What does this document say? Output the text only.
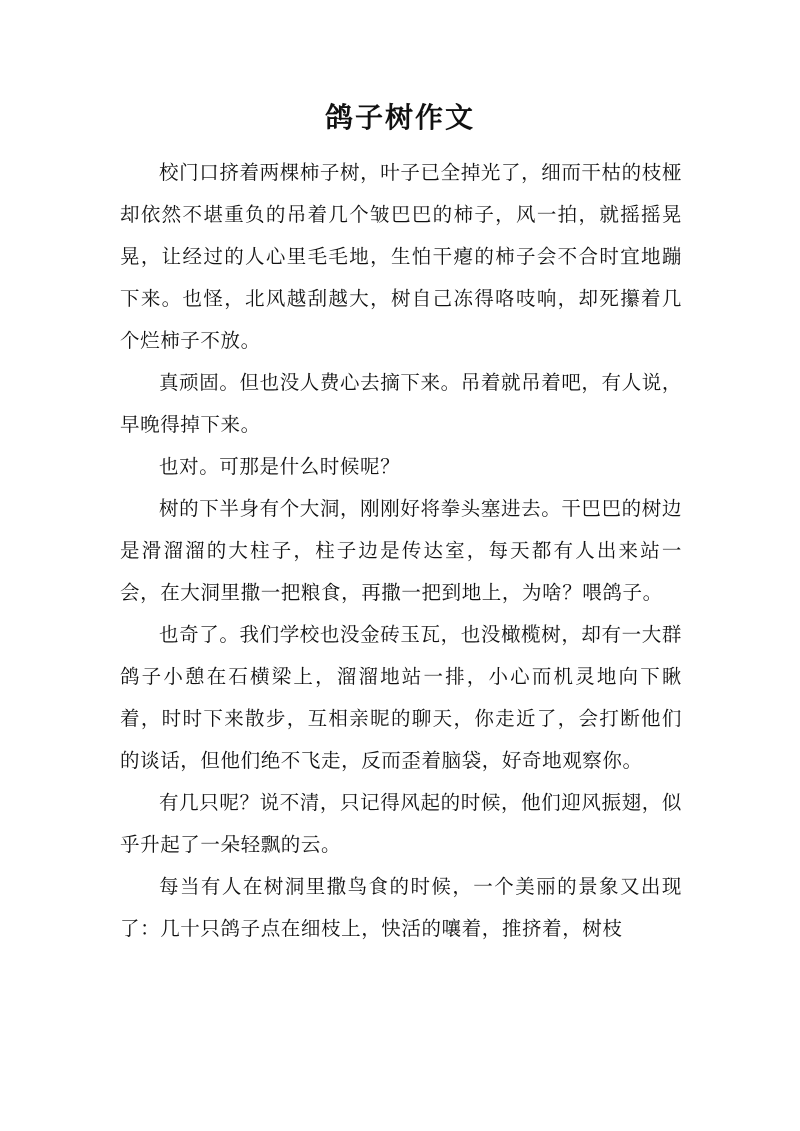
鸽子树作文

校门口挤着两棵柿子树，叶子已全掉光了，细而干枯的枝桠却依然不堪重负的吊着几个皱巴巴的柿子，风一拍，就摇摇晃晃，让经过的人心里毛毛地，生怕干瘪的柿子会不合时宜地蹦下来。也怪，北风越刮越大，树自己冻得咯吱响，却死攥着几个烂柿子不放。

真顽固。但也没人费心去摘下来。吊着就吊着吧，有人说，早晚得掉下来。

也对。可那是什么时候呢？

树的下半身有个大洞，刚刚好将拳头塞进去。干巴巴的树边是滑溜溜的大柱子，柱子边是传达室，每天都有人出来站一会，在大洞里撒一把粮食，再撒一把到地上，为啥？喂鸽子。

也奇了。我们学校也没金砖玉瓦，也没橄榄树，却有一大群鸽子小憩在石横梁上，溜溜地站一排，小心而机灵地向下瞅着，时时下来散步，互相亲昵的聊天，你走近了，会打断他们的谈话，但他们绝不飞走，反而歪着脑袋，好奇地观察你。

有几只呢？说不清，只记得风起的时候，他们迎风振翅，似乎升起了一朵轻飘的云。

每当有人在树洞里撒鸟食的时候，一个美丽的景象又出现了：几十只鸽子点在细枝上，快活的嚷着，推挤着，树枝
